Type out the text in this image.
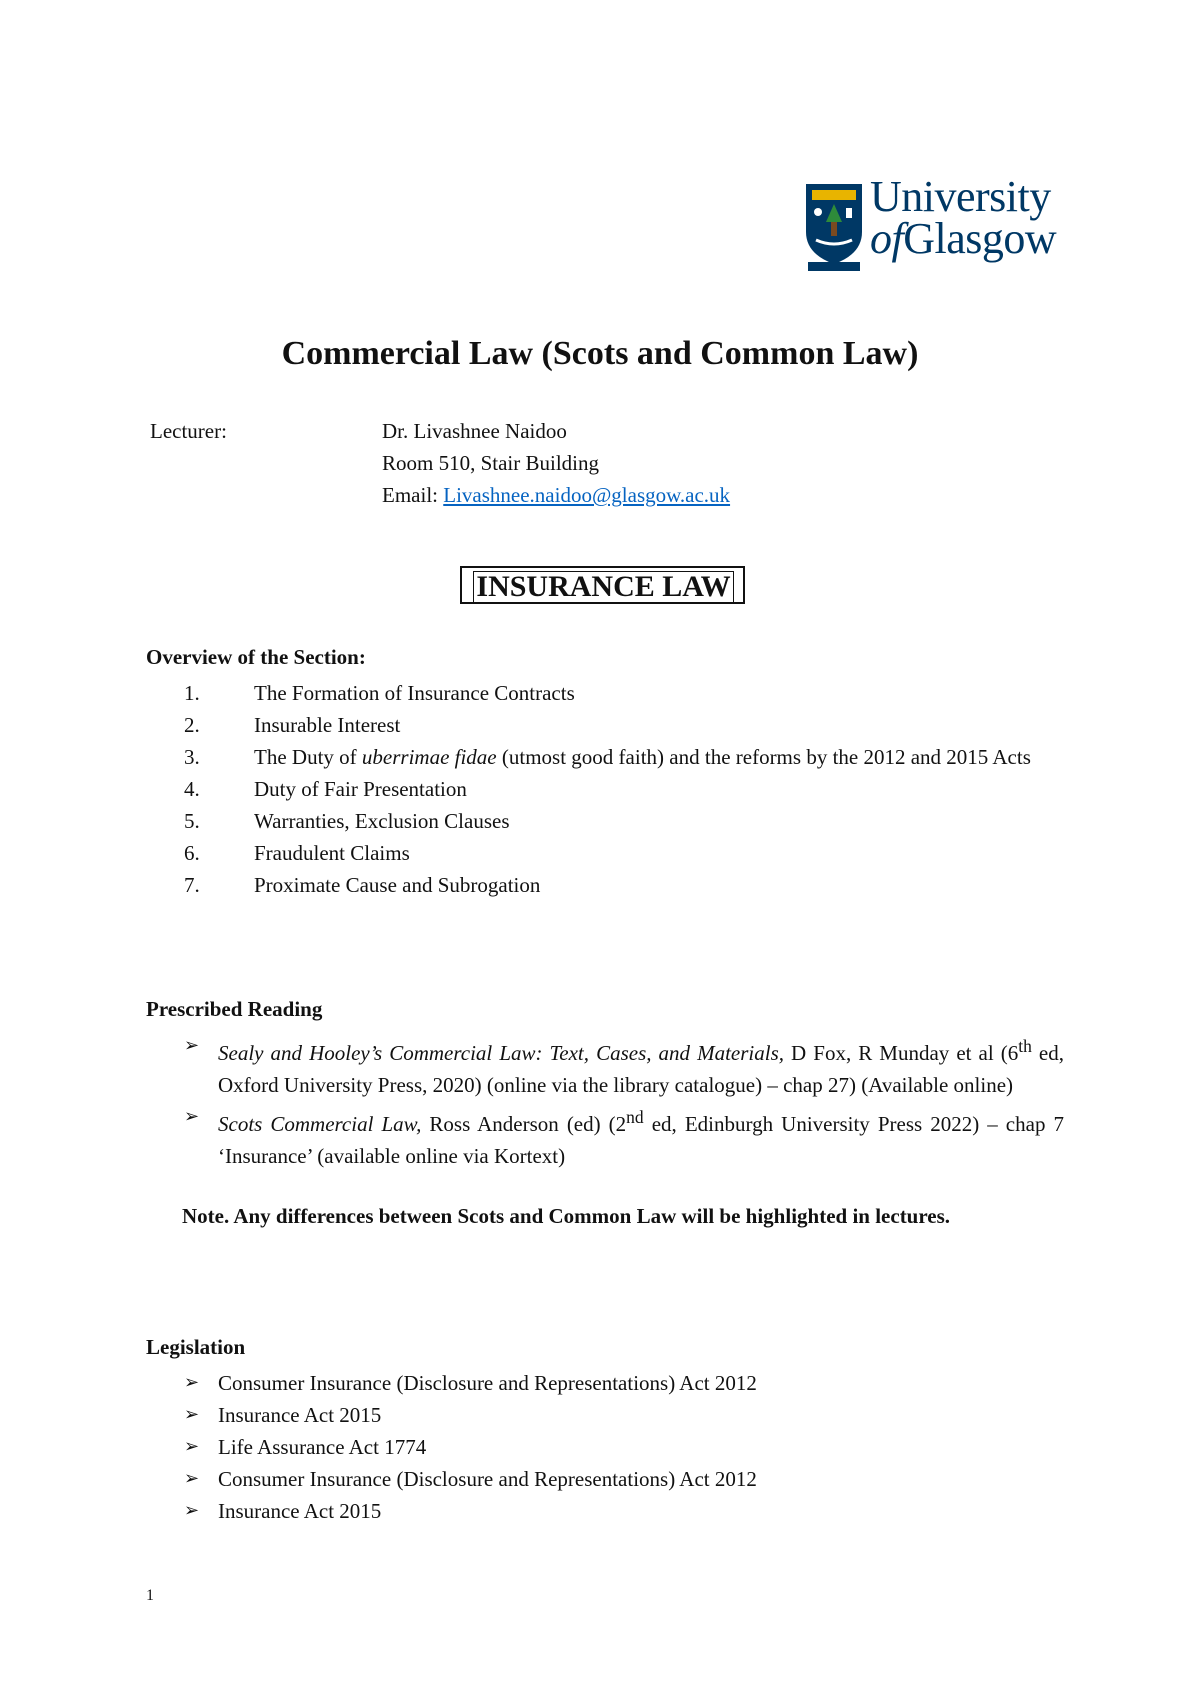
University
ofGlasgow
Commercial Law (Scots and Common Law)
Lecturer:	Dr. Livashnee Naidoo
Room 510, Stair Building
Email: Livashnee.naidoo@glasgow.ac.uk
INSURANCE LAW
Overview of the Section:
1.	The Formation of Insurance Contracts
2.	Insurable Interest
3.	The Duty of uberrimae fidae (utmost good faith) and the reforms by the 2012 and 2015 Acts
4.	Duty of Fair Presentation
5.	Warranties, Exclusion Clauses
6.	Fraudulent Claims
7.	Proximate Cause and Subrogation
Prescribed Reading
➢ Sealy and Hooley’s Commercial Law: Text, Cases, and Materials, D Fox, R Munday et al (6th ed, Oxford University Press, 2020) (online via the library catalogue) – chap 27) (Available online)
➢ Scots Commercial Law, Ross Anderson (ed) (2nd ed, Edinburgh University Press 2022) – chap 7 ‘Insurance’ (available online via Kortext)
Note. Any differences between Scots and Common Law will be highlighted in lectures.
Legislation
➢ Consumer Insurance (Disclosure and Representations) Act 2012
➢ Insurance Act 2015
➢ Life Assurance Act 1774
➢ Consumer Insurance (Disclosure and Representations) Act 2012
➢ Insurance Act 2015
1
